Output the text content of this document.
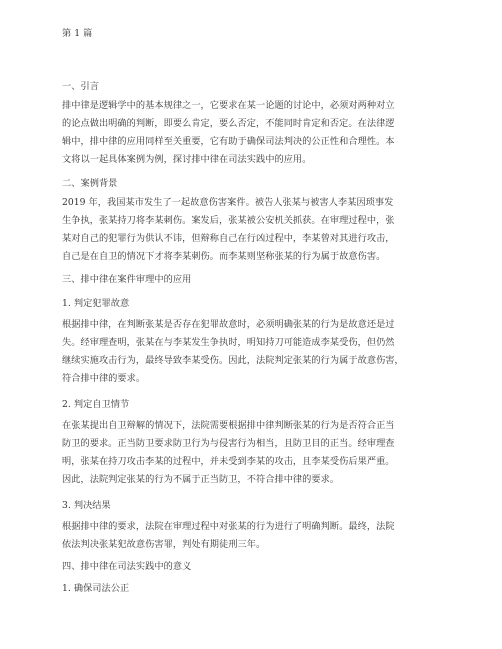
第 1 篇

一、引言

排中律是逻辑学中的基本规律之一，它要求在某一论题的讨论中，必须对两种对立
的论点做出明确的判断，即要么肯定，要么否定，不能同时肯定和否定。在法律逻
辑中，排中律的应用同样至关重要，它有助于确保司法判决的公正性和合理性。本
文将以一起具体案例为例，探讨排中律在司法实践中的应用。

二、案例背景

2019 年，我国某市发生了一起故意伤害案件。被告人张某与被害人李某因琐事发
生争执，张某持刀将李某刺伤。案发后，张某被公安机关抓获。在审理过程中，张
某对自己的犯罪行为供认不讳，但辩称自己在行凶过程中，李某曾对其进行攻击，
自己是在自卫的情况下才将李某刺伤。而李某则坚称张某的行为属于故意伤害。

三、排中律在案件审理中的应用

1. 判定犯罪故意

根据排中律，在判断张某是否存在犯罪故意时，必须明确张某的行为是故意还是过
失。经审理查明，张某在与李某发生争执时，明知持刀可能造成李某受伤，但仍然
继续实施攻击行为，最终导致李某受伤。因此，法院判定张某的行为属于故意伤害，
符合排中律的要求。

2. 判定自卫情节

在张某提出自卫辩解的情况下，法院需要根据排中律判断张某的行为是否符合正当
防卫的要求。正当防卫要求防卫行为与侵害行为相当，且防卫目的正当。经审理查
明，张某在持刀攻击李某的过程中，并未受到李某的攻击，且李某受伤后果严重。
因此，法院判定张某的行为不属于正当防卫，不符合排中律的要求。

3. 判决结果

根据排中律的要求，法院在审理过程中对张某的行为进行了明确判断。最终，法院
依法判决张某犯故意伤害罪，判处有期徒刑三年。

四、排中律在司法实践中的意义

1. 确保司法公正
